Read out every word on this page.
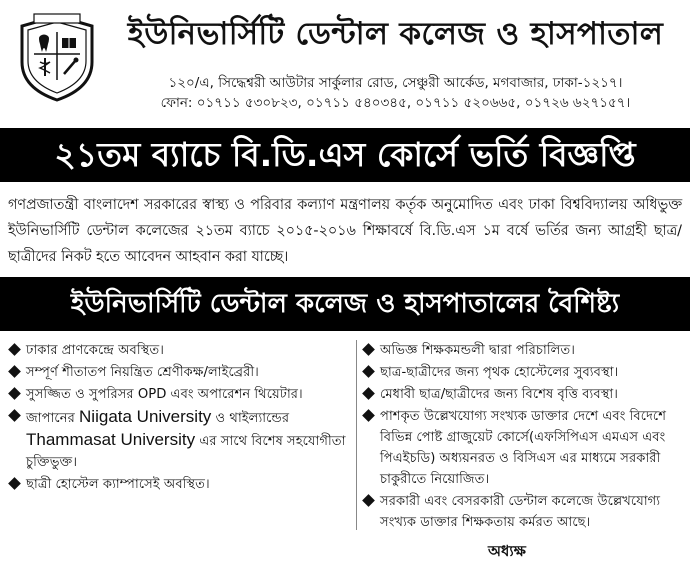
ইউনিভার্সিটি ডেন্টাল কলেজ ও হাসপাতাল
১২০/এ, সিদ্ধেশ্বরী আউটার সার্কুলার রোড, সেঞ্চুরী আর্কেড, মগবাজার, ঢাকা-১২১৭।
ফোন: ০১৭১১ ৫৩০৮২৩, ০১৭১১ ৫৪০৩৪৫, ০১৭১১ ৫২০৬৬৫, ০১৭২৬ ৬২৭১৫৭।
২১তম ব্যাচে বি.ডি.এস কোর্সে ভর্তি বিজ্ঞপ্তি
গণপ্রজাতন্ত্রী বাংলাদেশ সরকারের স্বাস্থ্য ও পরিবার কল্যাণ মন্ত্রণালয় কর্তৃক অনুমোদিত এবং ঢাকা বিশ্ববিদ্যালয় অধিভুক্ত ইউনিভার্সিটি ডেন্টাল কলেজের ২১তম ব্যাচে ২০১৫-২০১৬ শিক্ষাবর্ষে বি.ডি.এস ১ম বর্ষে ভর্তির জন্য আগ্রহী ছাত্র/ছাত্রীদের নিকট হতে আবেদন আহবান করা যাচ্ছে।
ইউনিভার্সিটি ডেন্টাল কলেজ ও হাসপাতালের বৈশিষ্ট্য
ঢাকার প্রাণকেন্দ্রে অবস্থিত।
সম্পূর্ণ শীতাতপ নিয়ন্ত্রিত শ্রেণীকক্ষ/লাইব্রেরী।
সুসজ্জিত ও সুপরিসর OPD এবং অপারেশন থিয়েটার।
জাপানের Niigata University ও থাইল্যান্ডের Thammasat University এর সাথে বিশেষ সহযোগীতা চুক্তিভুক্ত।
ছাত্রী হোস্টেল ক্যাম্পাসেই অবস্থিত।
অভিজ্ঞ শিক্ষকমন্ডলী দ্বারা পরিচালিত।
ছাত্র-ছাত্রীদের জন্য পৃথক হোস্টেলের সুব্যবস্থা।
মেধাবী ছাত্র/ছাত্রীদের জন্য বিশেষ বৃত্তি ব্যবস্থা।
পাশকৃত উল্লেখযোগ্য সংখ্যক ডাক্তার দেশে এবং বিদেশে বিভিন্ন পোষ্ট গ্রাজুয়েট কোর্সে(এফসিপিএস এমএস এবং পিএইচডি) অধ্যয়নরত ও বিসিএস এর মাধ্যমে সরকারী চাকুরীতে নিয়োজিত।
সরকারী এবং বেসরকারী ডেন্টাল কলেজে উল্লেখযোগ্য সংখ্যক ডাক্তার শিক্ষকতায় কর্মরত আছে।
অধ্যক্ষ
